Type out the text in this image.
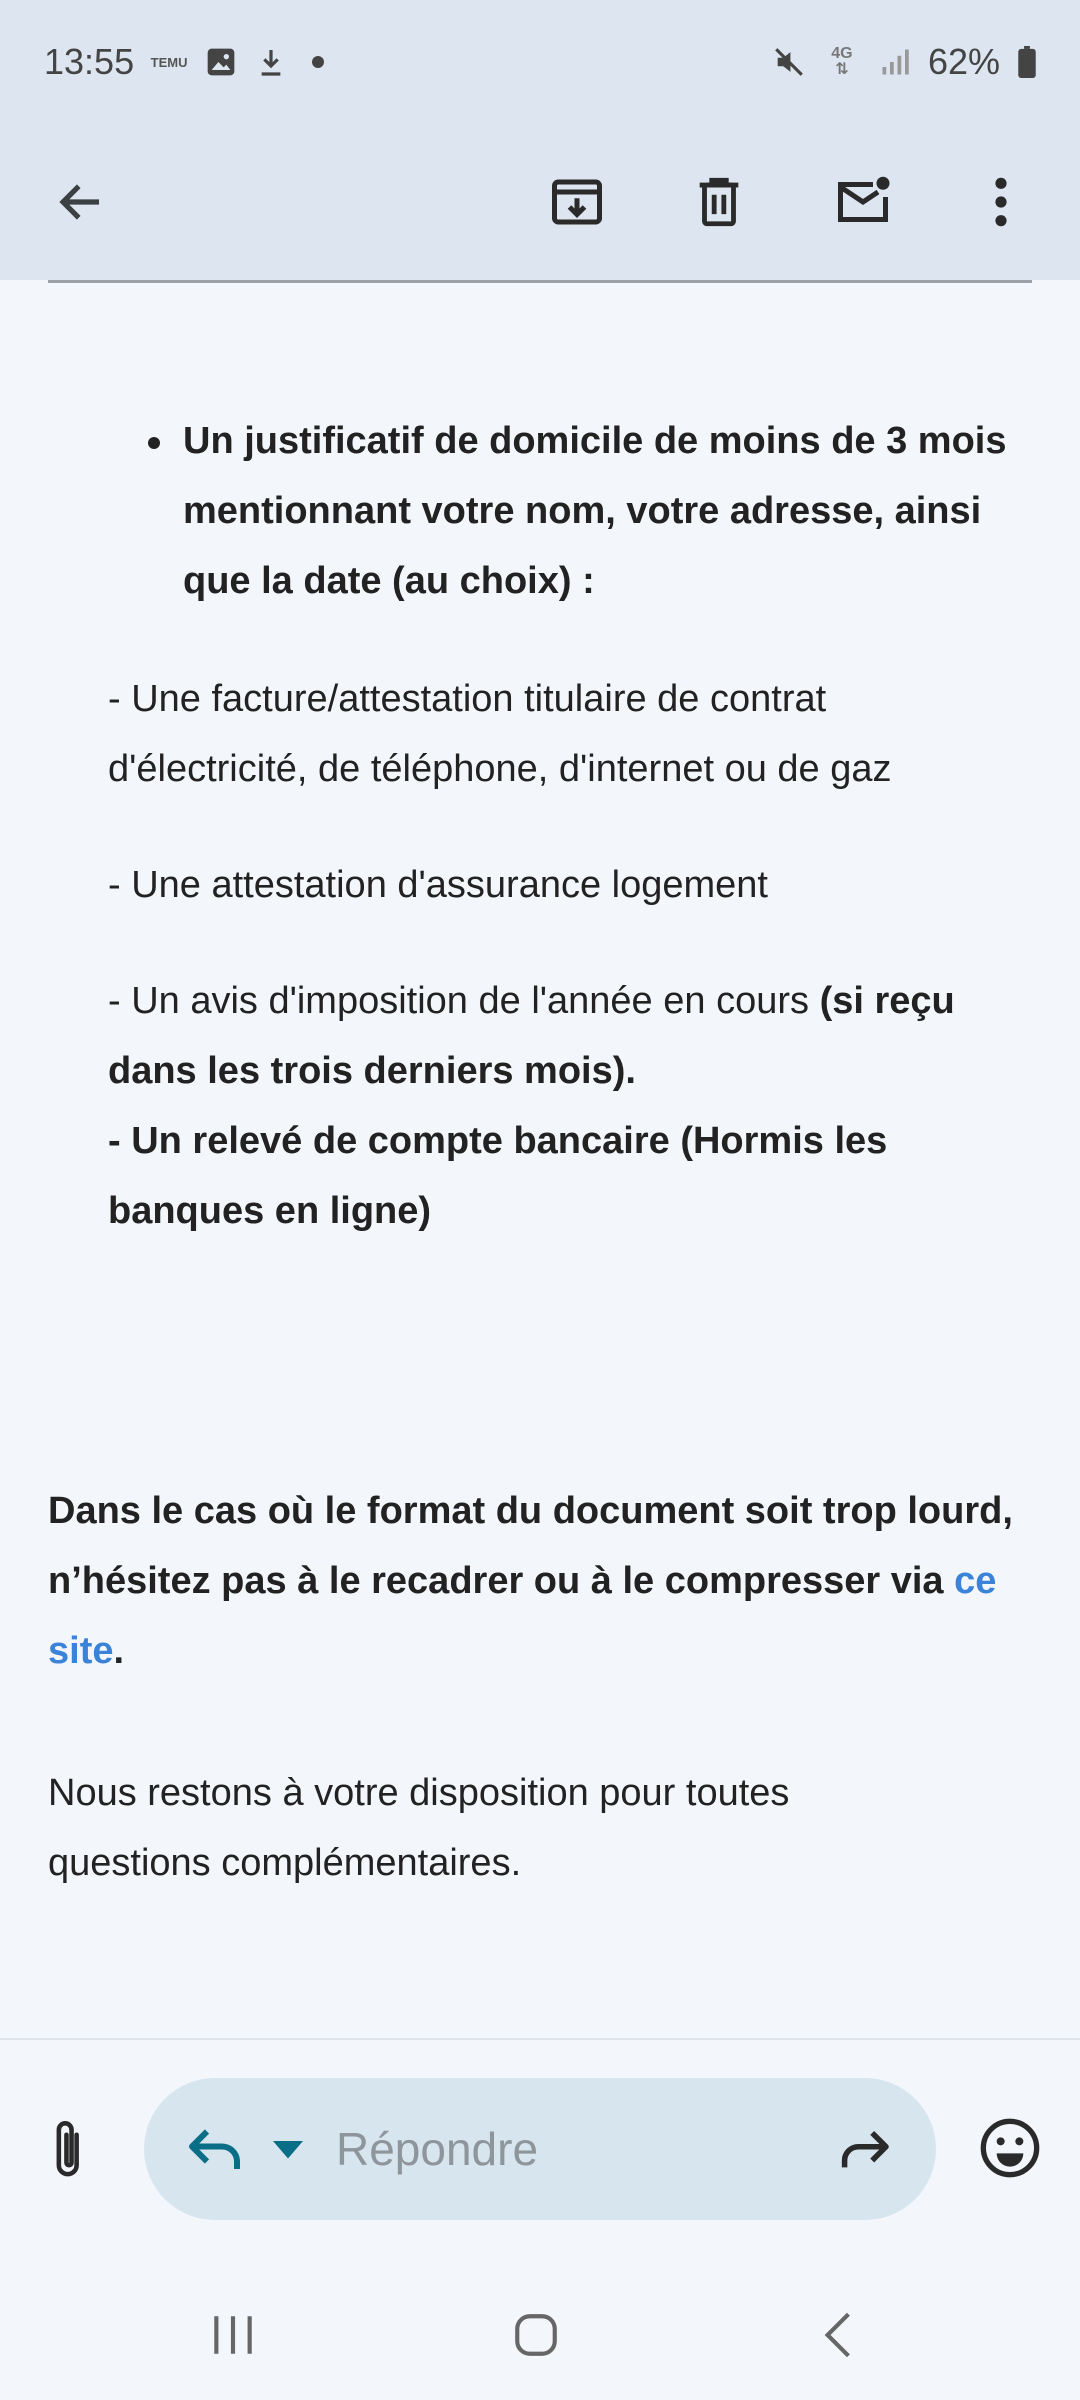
13:55 TEMU	4G
⇅ 62%
Un justificatif de domicile de moins de 3 mois mentionnant votre nom, votre adresse, ainsi que la date (au choix) :
- Une facture/attestation titulaire de contrat d'électricité, de téléphone, d'internet ou de gaz
- Une attestation d'assurance logement
- Un avis d'imposition de l'année en cours (si reçu dans les trois derniers mois).
- Un relevé de compte bancaire (Hormis les banques en ligne)
Dans le cas où le format du document soit trop lourd, n’hésitez pas à le recadrer ou à le compresser via ce site.
Nous restons à votre disposition pour toutes questions complémentaires.
Répondre
